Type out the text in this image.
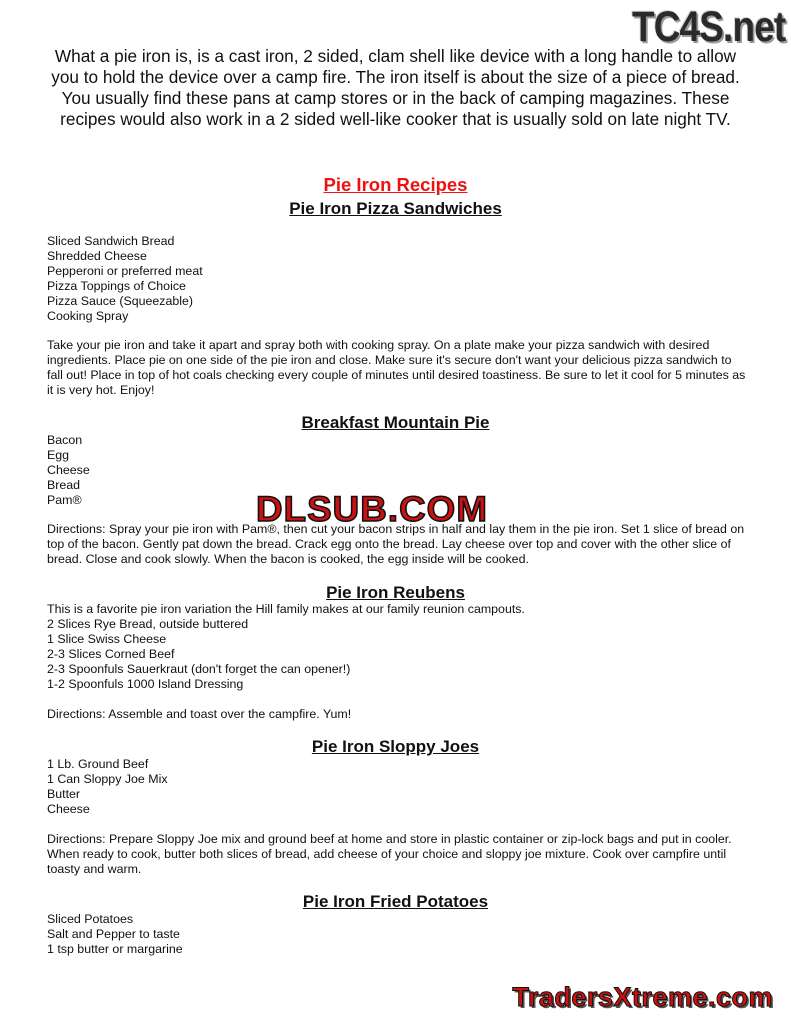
TC4S.net
What a pie iron is, is a cast iron, 2 sided, clam shell like device with a long handle to allow you to hold the device over a camp fire. The iron itself is about the size of a piece of bread. You usually find these pans at camp stores or in the back of camping magazines. These recipes would also work in a 2 sided well-like cooker that is usually sold on late night TV.
Pie Iron Recipes
Pie Iron Pizza Sandwiches
Sliced Sandwich Bread
Shredded Cheese
Pepperoni or preferred meat
Pizza Toppings of Choice
Pizza Sauce (Squeezable)
Cooking Spray
Take your pie iron and take it apart and spray both with cooking spray. On a plate make your pizza sandwich with desired ingredients. Place pie on one side of the pie iron and close. Make sure it's secure don't want your delicious pizza sandwich to fall out! Place in top of hot coals checking every couple of minutes until desired toastiness. Be sure to let it cool for 5 minutes as it is very hot. Enjoy!
Breakfast Mountain Pie
Bacon
Egg
Cheese
Bread
Pam®
Directions: Spray your pie iron with Pam®, then cut your bacon strips in half and lay them in the pie iron. Set 1 slice of bread on top of the bacon. Gently pat down the bread. Crack egg onto the bread. Lay cheese over top and cover with the other slice of bread. Close and cook slowly. When the bacon is cooked, the egg inside will be cooked.
Pie Iron Reubens
This is a favorite pie iron variation the Hill family makes at our family reunion campouts.
2 Slices Rye Bread, outside buttered
1 Slice Swiss Cheese
2-3 Slices Corned Beef
2-3 Spoonfuls Sauerkraut (don't forget the can opener!)
1-2 Spoonfuls 1000 Island Dressing
Directions: Assemble and toast over the campfire. Yum!
Pie Iron Sloppy Joes
1 Lb. Ground Beef
1 Can Sloppy Joe Mix
Butter
Cheese
Directions: Prepare Sloppy Joe mix and ground beef at home and store in plastic container or zip-lock bags and put in cooler. When ready to cook, butter both slices of bread, add cheese of your choice and sloppy joe mixture. Cook over campfire until toasty and warm.
Pie Iron Fried Potatoes
Sliced Potatoes
Salt and Pepper to taste
1 tsp butter or margarine
DLSUB.COM
TradersXtreme.com
